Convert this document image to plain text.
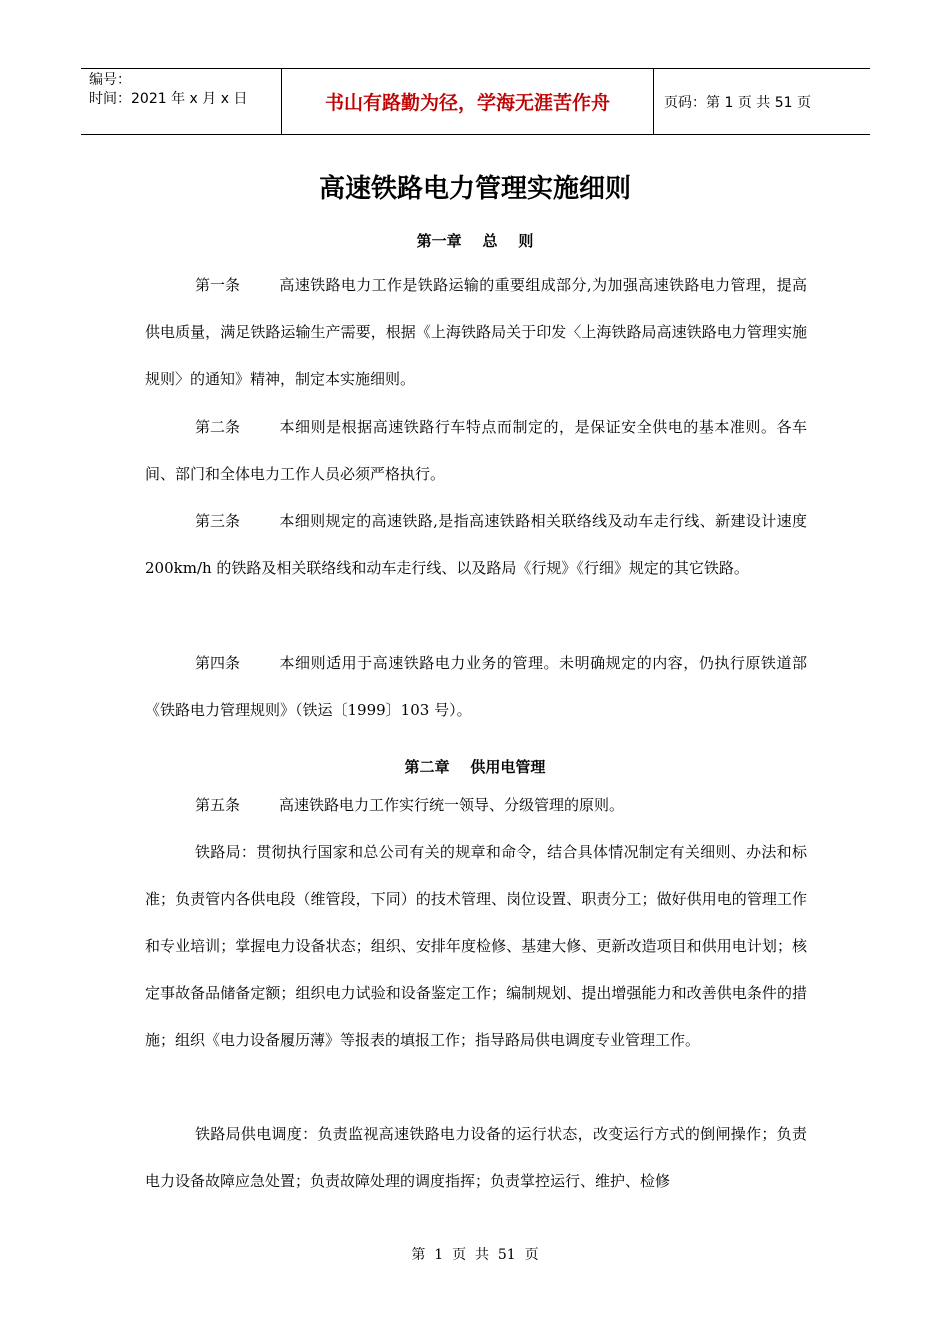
编号：
时间：2021 年 x 月 x 日	书山有路勤为径，学海无涯苦作舟	页码：第 1 页 共 51 页
高速铁路电力管理实施细则
第一章    总    则

第一条	高速铁路电力工作是铁路运输的重要组成部分,为加强高速铁路电力管理，提高供电质量，满足铁路运输生产需要，根据《上海铁路局关于印发〈上海铁路局高速铁路电力管理实施规则〉的通知》精神，制定本实施细则。

第二条	本细则是根据高速铁路行车特点而制定的，是保证安全供电的基本准则。各车间、部门和全体电力工作人员必须严格执行。

第三条	本细则规定的高速铁路,是指高速铁路相关联络线及动车走行线、新建设计速度 200km/h 的铁路及相关联络线和动车走行线、以及路局《行规》《行细》规定的其它铁路。

第四条	本细则适用于高速铁路电力业务的管理。未明确规定的内容，仍执行原铁道部《铁路电力管理规则》（铁运〔1999〕103 号）。

第二章    供用电管理

第五条	高速铁路电力工作实行统一领导、分级管理的原则。

铁路局：贯彻执行国家和总公司有关的规章和命令，结合具体情况制定有关细则、办法和标准；负责管内各供电段（维管段，下同）的技术管理、岗位设置、职责分工；做好供用电的管理工作和专业培训；掌握电力设备状态；组织、安排年度检修、基建大修、更新改造项目和供用电计划；核定事故备品储备定额；组织电力试验和设备鉴定工作；编制规划、提出增强能力和改善供电条件的措施；组织《电力设备履历薄》等报表的填报工作；指导路局供电调度专业管理工作。

铁路局供电调度：负责监视高速铁路电力设备的运行状态，改变运行方式的倒闸操作；负责电力设备故障应急处置；负责故障处理的调度指挥；负责掌控运行、维护、检修

第  1  页  共  51  页
